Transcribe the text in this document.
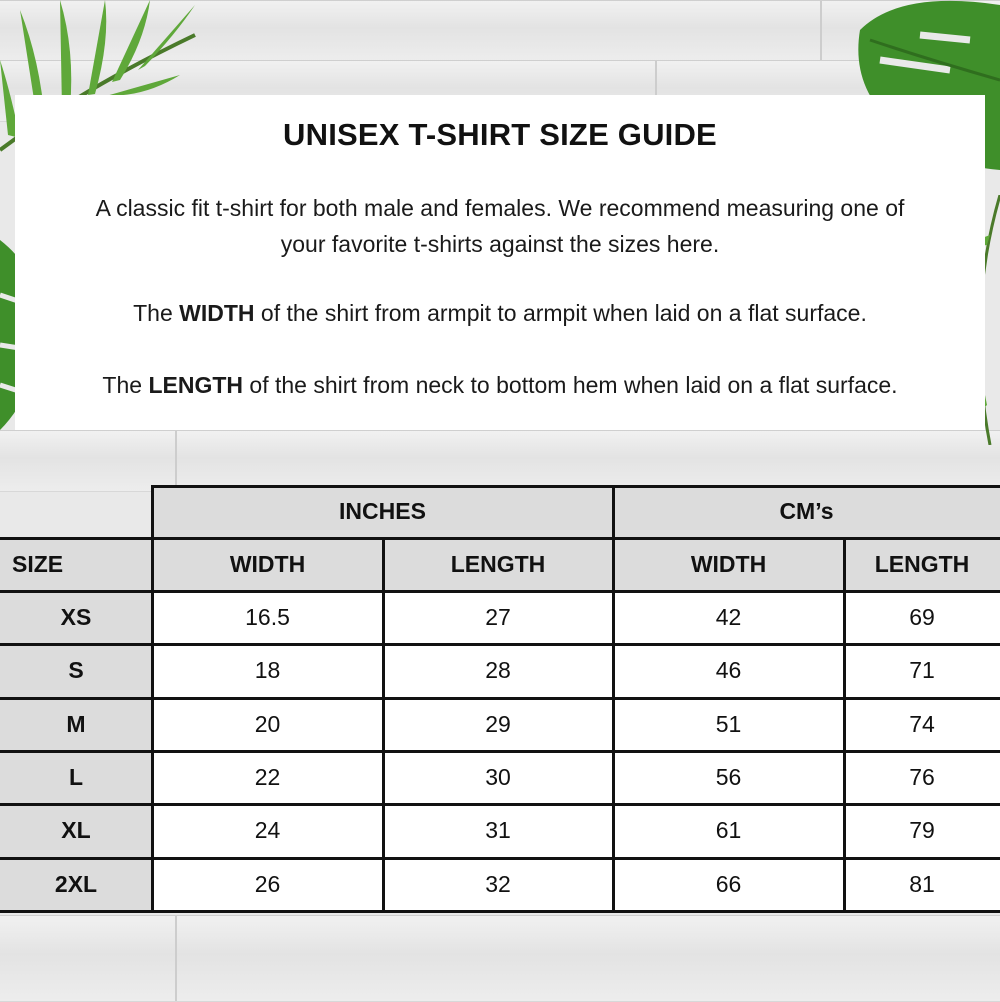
UNISEX T-SHIRT SIZE GUIDE
A classic fit t-shirt for both male and females. We recommend measuring one of
your favorite t-shirts against the sizes here.
The WIDTH of the shirt from armpit to armpit when laid on a flat surface.
The LENGTH of the shirt from neck to bottom hem when laid on a flat surface.
INCHES	CM’s
SIZE	WIDTH	LENGTH	WIDTH	LENGTH
XS	16.5	27	42	69
S	18	28	46	71
M	20	29	51	74
L	22	30	56	76
XL	24	31	61	79
2XL	26	32	66	81
